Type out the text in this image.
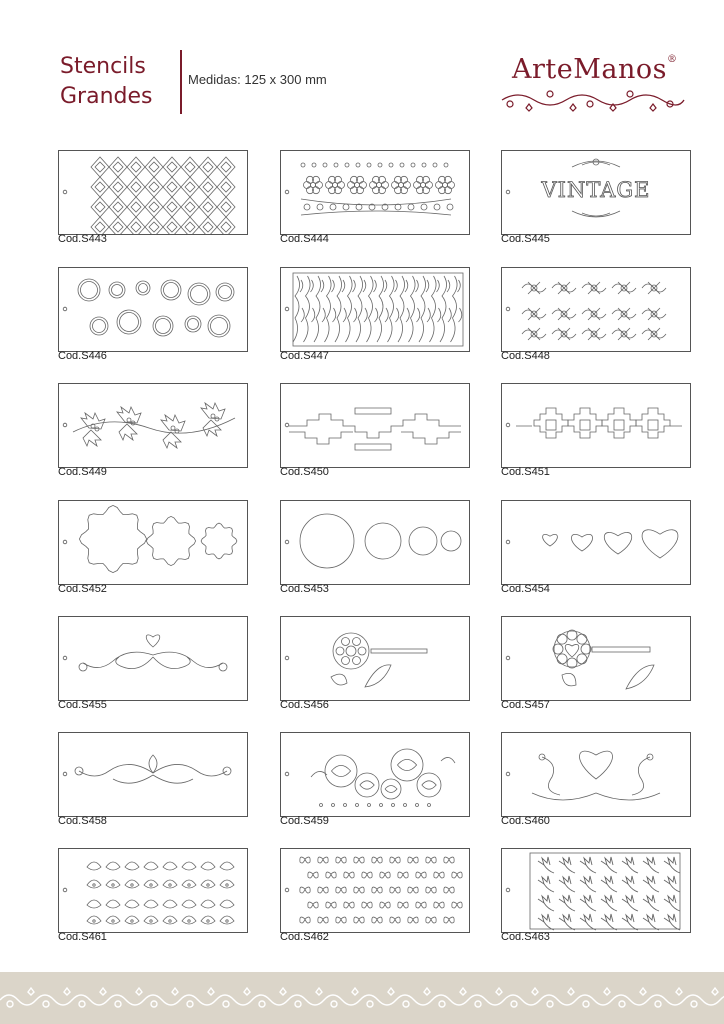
Stencils
Grandes
Medidas: 125 x 300 mm	ArteManos®
Cod.S443	Cod.S444
VINTAGE
Cod.S445
Cod.S446	Cod.S447	Cod.S448
Cod.S449	Cod.S450	Cod.S451
Cod.S452	Cod.S453	Cod.S454
Cod.S455	Cod.S456	Cod.S457
Cod.S458	Cod.S459	Cod.S460
Cod.S461	Cod.S462	Cod.S463
